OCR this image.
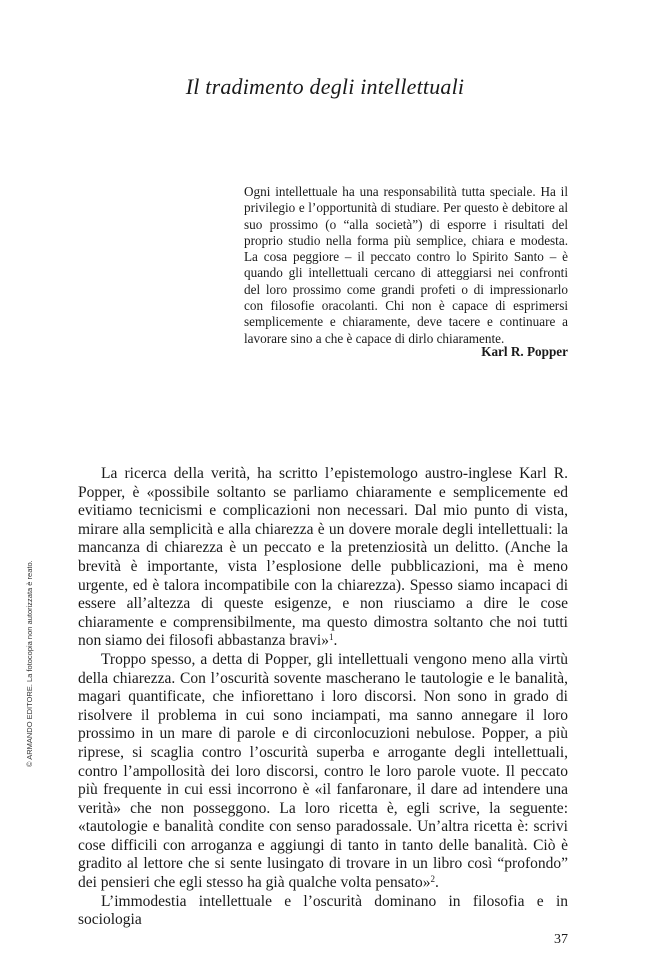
Il tradimento degli intellettuali

Ogni intellettuale ha una responsabilità tutta speciale. Ha il privilegio e l’opportunità di studiare. Per questo è debitore al suo prossimo (o “alla società”) di esporre i risultati del proprio studio nella forma più semplice, chiara e modesta. La cosa peggiore – il peccato contro lo Spirito Santo – è quando gli intellettuali cercano di atteggiarsi nei confronti del loro prossimo come grandi profeti o di impressionarlo con filosofie oracolanti. Chi non è capace di esprimersi semplicemente e chiaramente, deve tacere e continuare a lavorare sino a che è capace di dirlo chiaramente.

Karl R. Popper

La ricerca della verità, ha scritto l’epistemologo austro-inglese Karl R. Popper, è «possibile soltanto se parliamo chiaramente e semplicemente ed evitiamo tecnicismi e complicazioni non necessari. Dal mio punto di vista, mirare alla semplicità e alla chiarezza è un dovere morale degli intellettuali: la mancanza di chiarezza è un peccato e la pretenziosità un delitto. (Anche la brevità è importante, vista l’esplosione delle pubblicazioni, ma è meno urgente, ed è talora incompatibile con la chiarezza). Spesso siamo incapaci di essere all’altezza di queste esigenze, e non riusciamo a dire le cose chiaramente e comprensibilmente, ma questo dimostra soltanto che noi tutti non siamo dei filosofi abbastanza bravi»$^1$.

Troppo spesso, a detta di Popper, gli intellettuali vengono meno alla virtù della chiarezza. Con l’oscurità sovente mascherano le tautologie e le banalità, magari quantificate, che infiorettano i loro discorsi. Non sono in grado di risolvere il problema in cui sono inciampati, ma sanno annegare il loro prossimo in un mare di parole e di circonlocuzioni nebulose. Popper, a più riprese, si scaglia contro l’oscurità superba e arrogante degli intellettuali, contro l’ampollosità dei loro discorsi, contro le loro parole vuote. Il peccato più frequente in cui essi incorrono è «il fanfaronare, il dare ad intendere una verità» che non posseggono. La loro ricetta è, egli scrive, la seguente: «tautologie e banalità condite con senso paradossale. Un’altra ricetta è: scrivi cose difficili con arroganza e aggiungi di tanto in tanto delle banalità. Ciò è gradito al lettore che si sente lusingato di trovare in un libro così “profondo” dei pensieri che egli stesso ha già qualche volta pensato»$^2$.

L’immodestia intellettuale e l’oscurità dominano in filosofia e in sociologia

© ARMANDO EDITORE. La fotocopia non autorizzata è reato.
37
